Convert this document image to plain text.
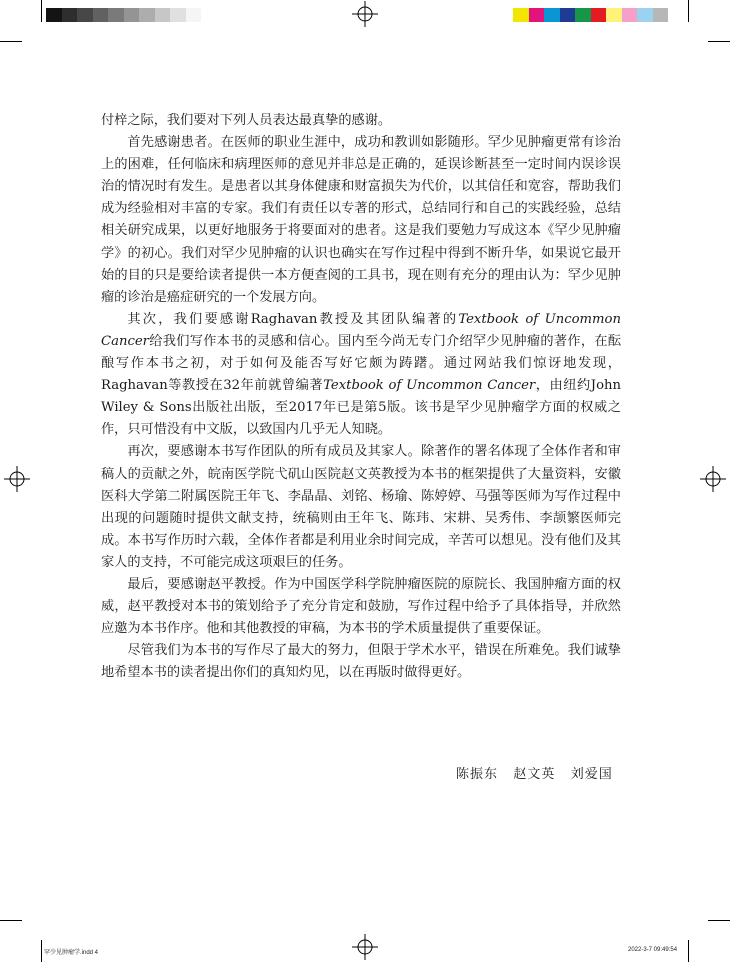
付梓之际，我们要对下列人员表达最真挚的感谢。

首先感谢患者。在医师的职业生涯中，成功和教训如影随形。罕少见肿瘤更常有诊治上的困难，任何临床和病理医师的意见并非总是正确的，延误诊断甚至一定时间内误诊误治的情况时有发生。是患者以其身体健康和财富损失为代价，以其信任和宽容，帮助我们成为经验相对丰富的专家。我们有责任以专著的形式，总结同行和自己的实践经验，总结相关研究成果，以更好地服务于将要面对的患者。这是我们要勉力写成这本《罕少见肿瘤学》的初心。我们对罕少见肿瘤的认识也确实在写作过程中得到不断升华，如果说它最开始的目的只是要给读者提供一本方便查阅的工具书，现在则有充分的理由认为：罕少见肿瘤的诊治是癌症研究的一个发展方向。

其次，我们要感谢Raghavan教授及其团队编著的Textbook of Uncommon Cancer给我们写作本书的灵感和信心。国内至今尚无专门介绍罕少见肿瘤的著作，在酝酿写作本书之初，对于如何及能否写好它颇为踌躇。通过网站我们惊讶地发现，Raghavan等教授在32年前就曾编著Textbook of Uncommon Cancer，由纽约John Wiley & Sons出版社出版，至2017年已是第5版。该书是罕少见肿瘤学方面的权威之作，只可惜没有中文版，以致国内几乎无人知晓。

再次，要感谢本书写作团队的所有成员及其家人。除著作的署名体现了全体作者和审稿人的贡献之外，皖南医学院弋矶山医院赵文英教授为本书的框架提供了大量资料，安徽医科大学第二附属医院王年飞、李晶晶、刘铭、杨瑜、陈婷婷、马强等医师为写作过程中出现的问题随时提供文献支持，统稿则由王年飞、陈玮、宋耕、吴秀伟、李颉繁医师完成。本书写作历时六载，全体作者都是利用业余时间完成，辛苦可以想见。没有他们及其家人的支持，不可能完成这项艰巨的任务。

最后，要感谢赵平教授。作为中国医学科学院肿瘤医院的原院长、我国肿瘤方面的权威，赵平教授对本书的策划给予了充分肯定和鼓励，写作过程中给予了具体指导，并欣然应邀为本书作序。他和其他教授的审稿，为本书的学术质量提供了重要保证。

尽管我们为本书的写作尽了最大的努力，但限于学术水平，错误在所难免。我们诚挚地希望本书的读者提出你们的真知灼见，以在再版时做得更好。

陈振东   赵文英   刘爱国
罕少见肿瘤学.indd 4	2022-3-7 09:49:54
